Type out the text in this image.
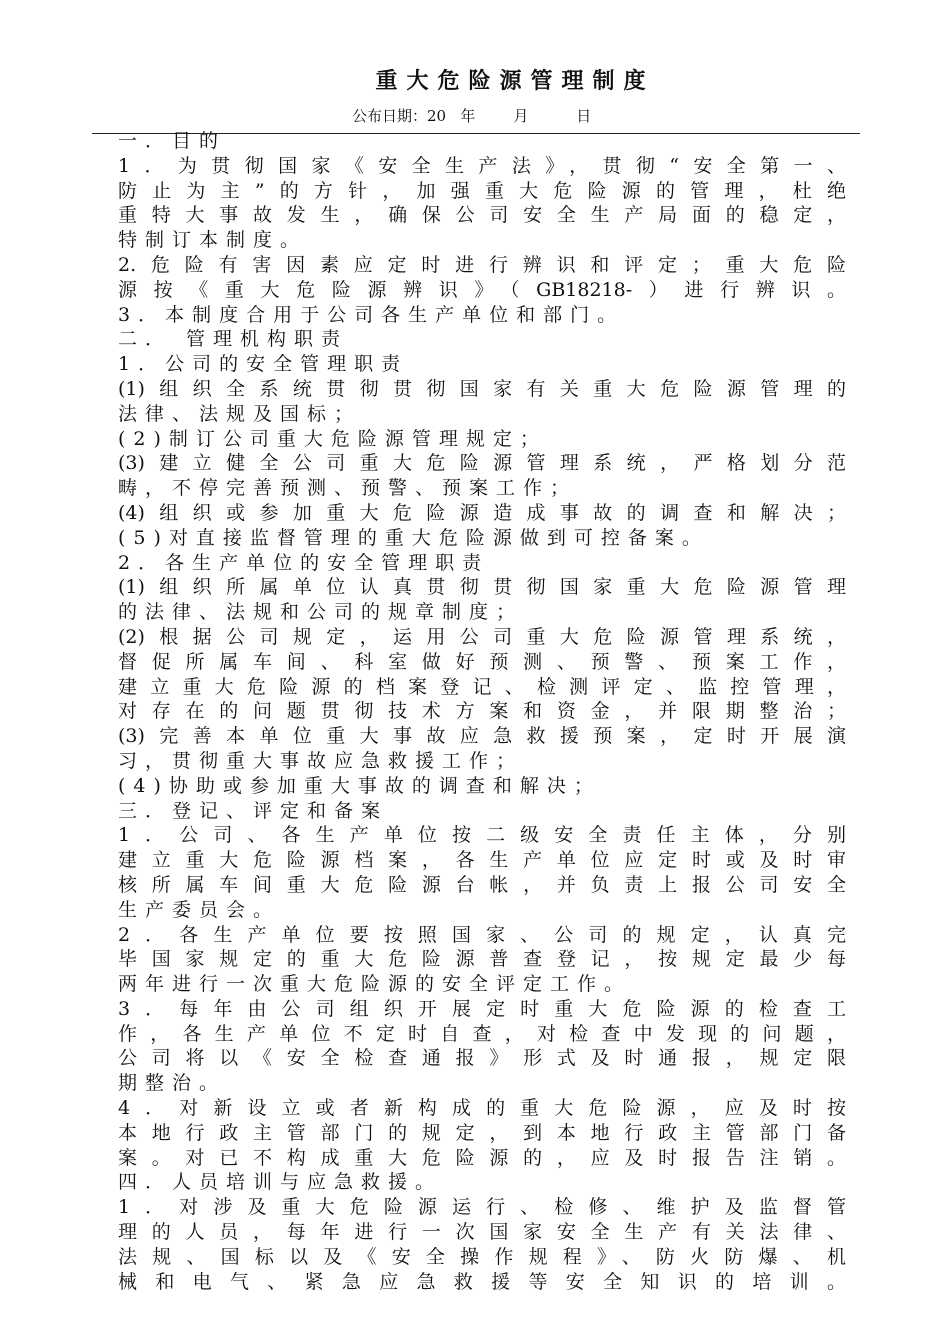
重大危险源管理制度
公布日期：20   年        月          日
一．目的
1．为贯彻国家《安全生产法》，贯彻“安全第一、
防止为主”的方针，加强重大危险源的管理，杜绝
重特大事故发生，确保公司安全生产局面的稳定，
特制订本制度。
2.危险有害因素应定时进行辨识和评定；重大危险
源按《重大危险源辨识》（GB18218-）进行辨识。
3．本制度合用于公司各生产单位和部门。
二． 管理机构职责
1．公司的安全管理职责
(1)组织全系统贯彻贯彻国家有关重大危险源管理的
法律、法规及国标；
(2)制订公司重大危险源管理规定；
(3)建立健全公司重大危险源管理系统，严格划分范
畴，不停完善预测、预警、预案工作；
(4)组织或参加重大危险源造成事故的调查和解决；
(5)对直接监督管理的重大危险源做到可控备案。
2．各生产单位的安全管理职责
(1)组织所属单位认真贯彻贯彻国家重大危险源管理
的法律、法规和公司的规章制度；
(2)根据公司规定，运用公司重大危险源管理系统，
督促所属车间、科室做好预测、预警、预案工作，
建立重大危险源的档案登记、检测评定、监控管理，
对存在的问题贯彻技术方案和资金，并限期整治；
(3)完善本单位重大事故应急救援预案，定时开展演
习，贯彻重大事故应急救援工作；
(4)协助或参加重大事故的调查和解决；
三．登记、评定和备案
1．公司、各生产单位按二级安全责任主体，分别
建立重大危险源档案，各生产单位应定时或及时审
核所属车间重大危险源台帐，并负责上报公司安全
生产委员会。
2．各生产单位要按照国家、公司的规定，认真完
毕国家规定的重大危险源普查登记，按规定最少每
两年进行一次重大危险源的安全评定工作。
3．每年由公司组织开展定时重大危险源的检查工
作，各生产单位不定时自查，对检查中发现的问题，
公司将以《安全检查通报》形式及时通报，规定限
期整治。
4．对新设立或者新构成的重大危险源，应及时按
本地行政主管部门的规定，到本地行政主管部门备
案。对已不构成重大危险源的，应及时报告注销。
四．人员培训与应急救援。
1．对涉及重大危险源运行、检修、维护及监督管
理的人员，每年进行一次国家安全生产有关法律、
法规、国标以及《安全操作规程》、防火防爆、机
械和电气、紧急应急救援等安全知识的培训。
